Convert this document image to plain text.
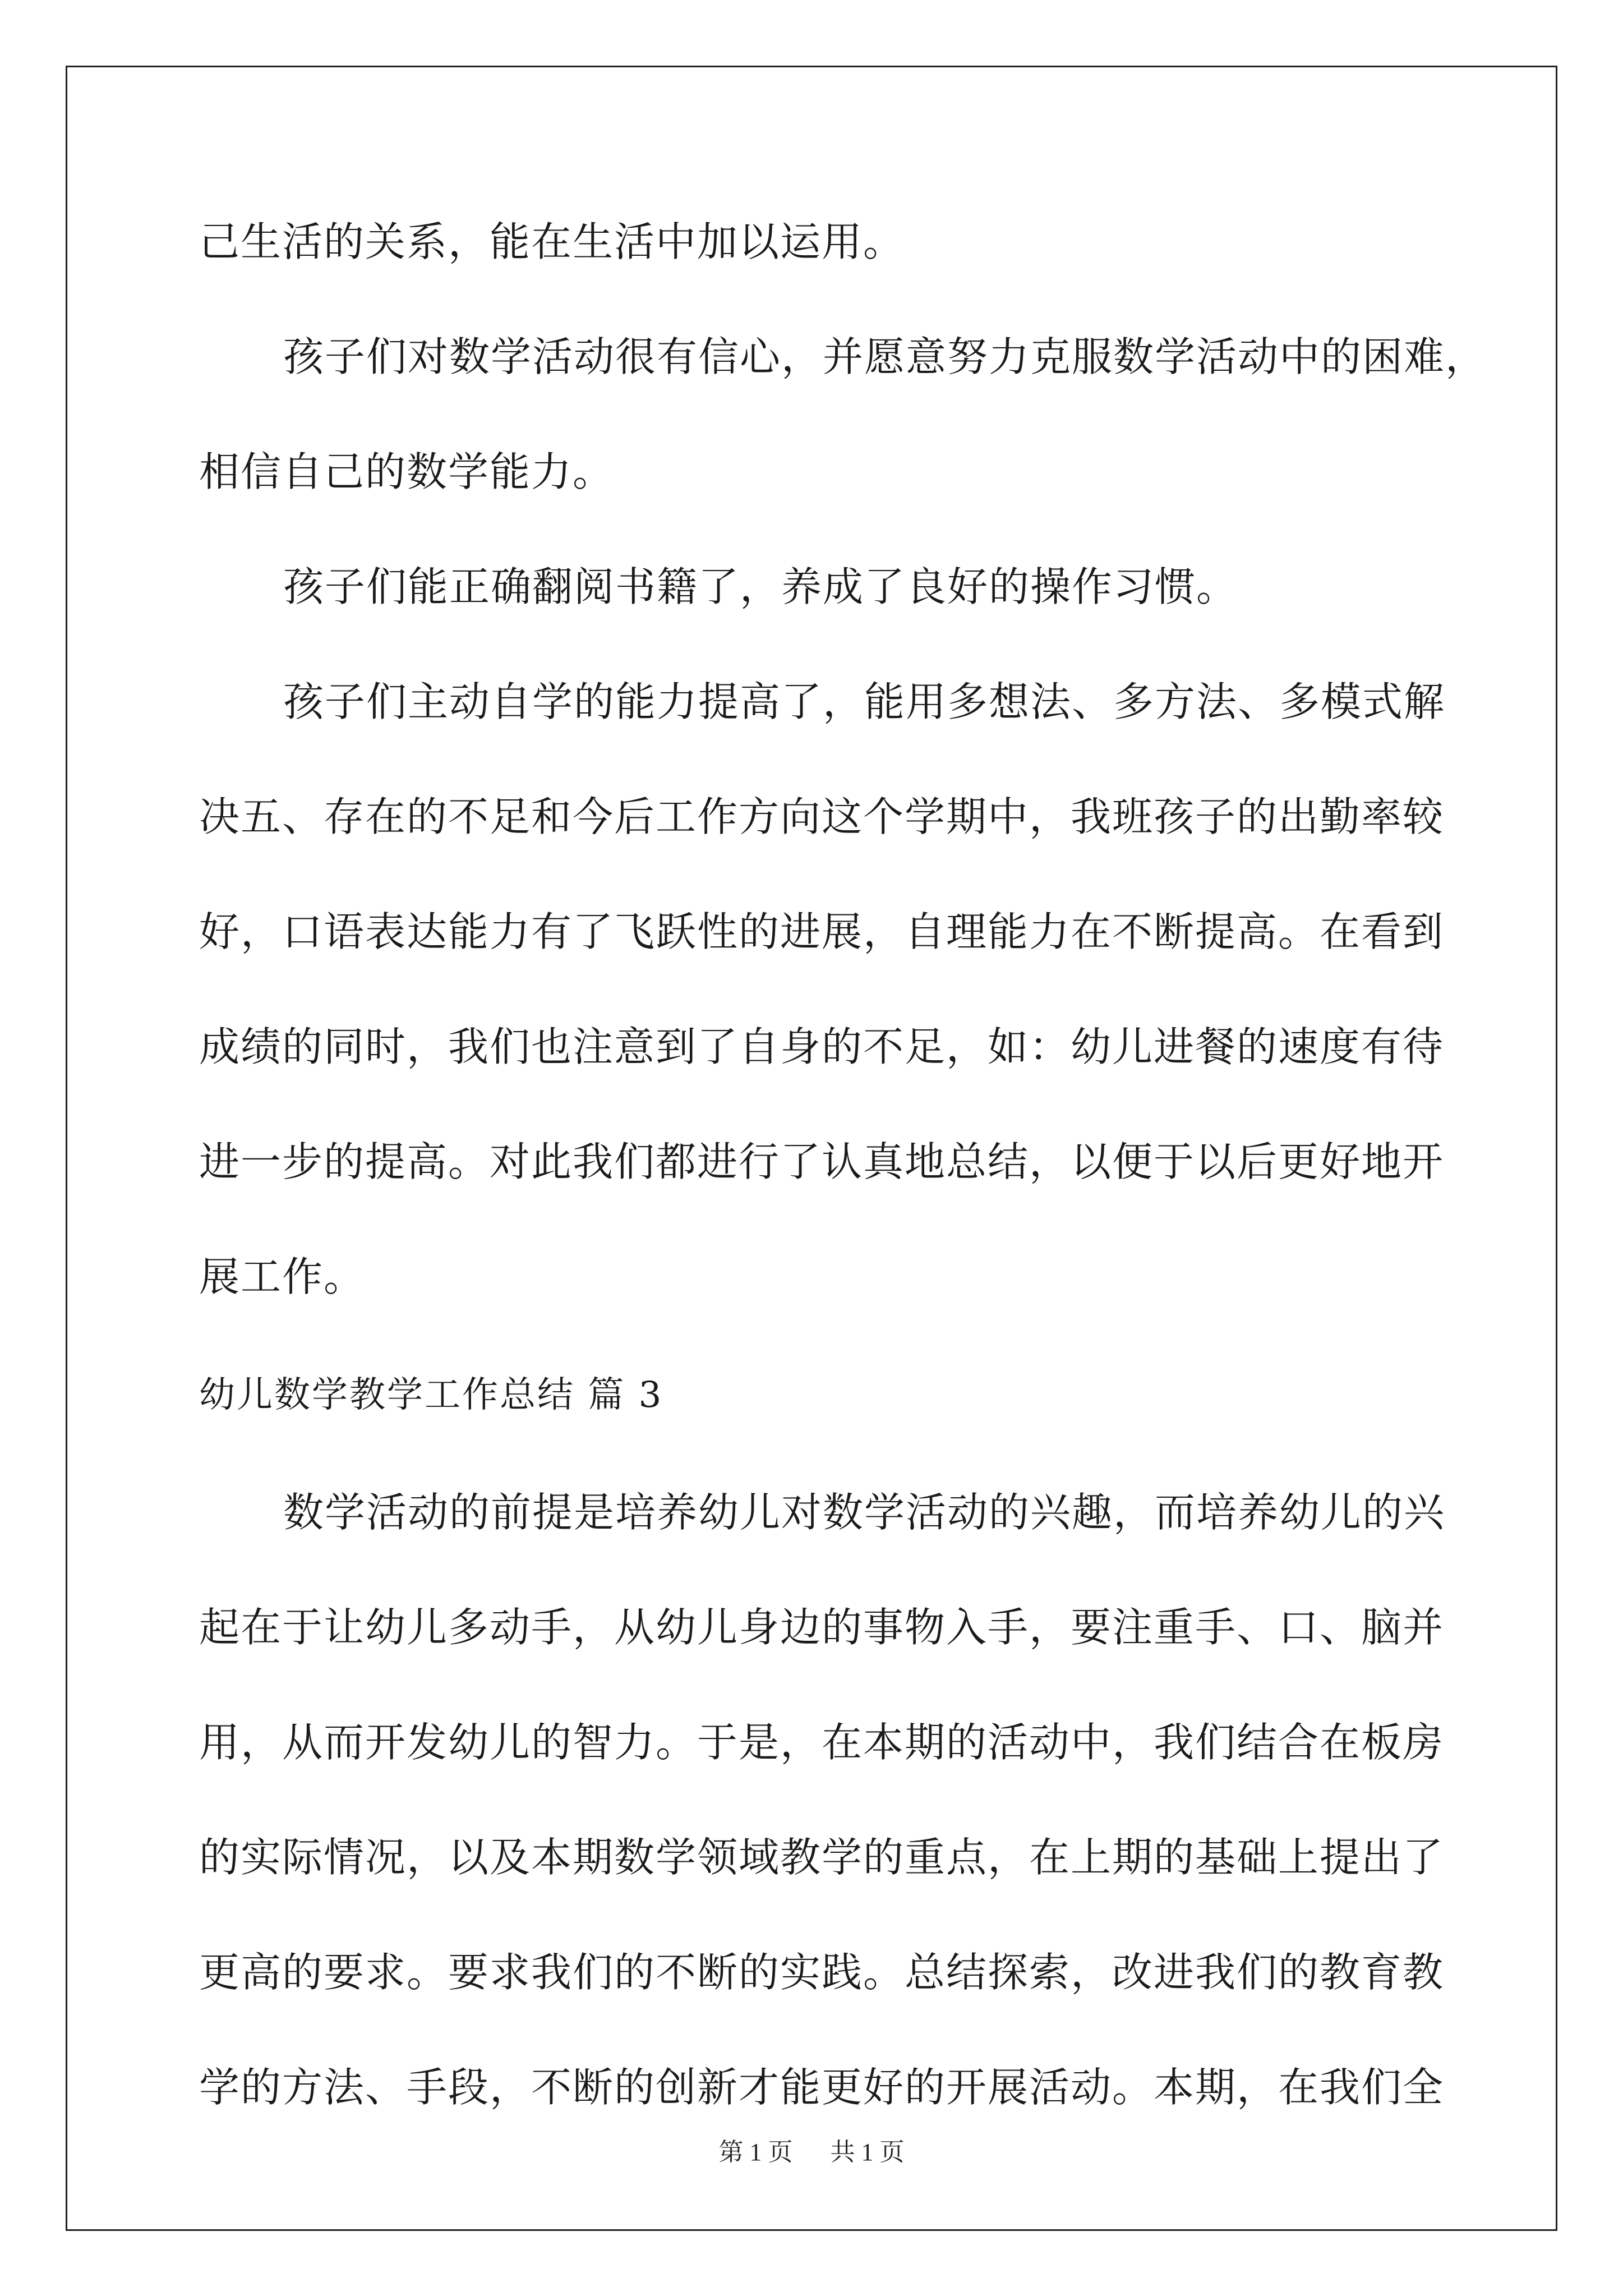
己生活的关系，能在生活中加以运用。
孩子们对数学活动很有信心，并愿意努力克服数学活动中的困难，
相信自己的数学能力。
孩子们能正确翻阅书籍了，养成了良好的操作习惯。
孩子们主动自学的能力提高了，能用多想法、多方法、多模式解
决五、存在的不足和今后工作方向这个学期中，我班孩子的出勤率较
好，口语表达能力有了飞跃性的进展，自理能力在不断提高。在看到
成绩的同时，我们也注意到了自身的不足，如：幼儿进餐的速度有待
进一步的提高。对此我们都进行了认真地总结，以便于以后更好地开
展工作。
幼儿数学教学工作总结 篇 3
数学活动的前提是培养幼儿对数学活动的兴趣，而培养幼儿的兴
起在于让幼儿多动手，从幼儿身边的事物入手，要注重手、口、脑并
用，从而开发幼儿的智力。于是，在本期的活动中，我们结合在板房
第 1 页 共 1 页
的实际情况，以及本期数学领域教学的重点，在上期的基础上提出了
更高的要求。要求我们的不断的实践。总结探索，改进我们的教育教
学的方法、手段，不断的创新才能更好的开展活动。本期，在我们全
